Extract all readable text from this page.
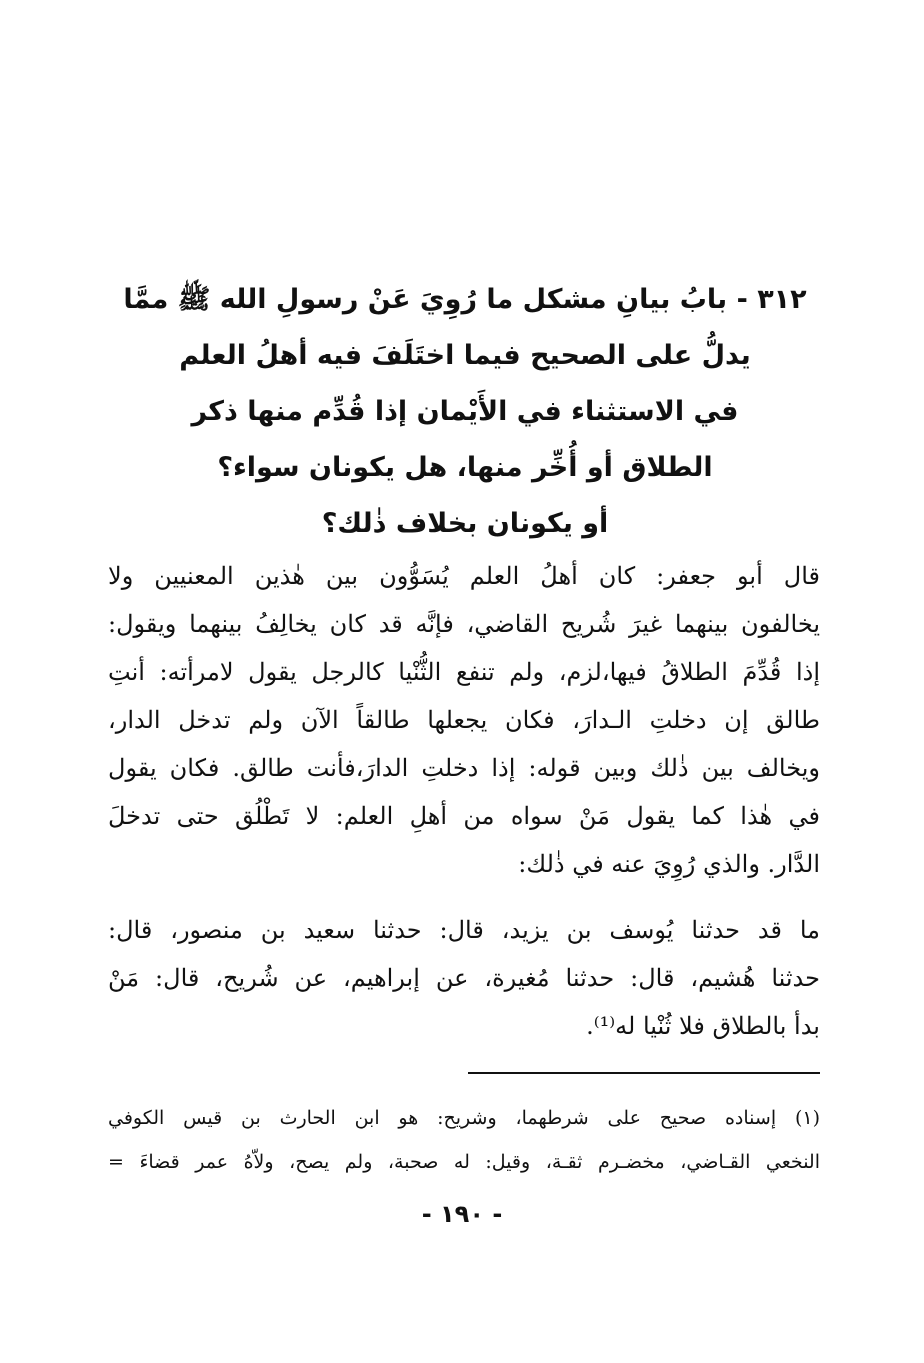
٣١٢ - بابُ بيانِ مشكل ما رُوِيَ عَنْ رسولِ الله ﷺ ممَّا
يدلُّ على الصحيح فيما اختَلَفَ فيه أهلُ العلم
في الاستثناء في الأَيْمان إذا قُدِّم منها ذكر
الطلاق أو أُخِّر منها، هل يكونان سواء؟
أو يكونان بخلاف ذٰلك؟
قال أبو جعفر: كان أهلُ العلم يُسَوُّون بين هٰذين المعنيين ولا
يخالفون بينهما غيرَ شُريح القاضي، فإنَّه قد كان يخالِفُ بينهما ويقول:
إذا قُدِّمَ الطلاقُ فيها،لزم، ولم تنفع الثُّنْيا كالرجل يقول لامرأته: أنتِ
طالق إن دخلتِ الـدارَ، فكان يجعلها طالقاً الآن ولم تدخل الدار،
ويخالف بين ذٰلك وبين قوله: إذا دخلتِ الدارَ،فأنت طالق. فكان يقول
في هٰذا كما يقول مَنْ سواه من أهلِ العلم: لا تَطْلُق حتى تدخلَ
الدَّار. والذي رُوِيَ عنه في ذٰلك:
ما قد حدثنا يُوسف بن يزيد، قال: حدثنا سعيد بن منصور، قال:
حدثنا هُشيم، قال: حدثنا مُغيرة، عن إبراهيم، عن شُريح، قال: مَنْ
بدأ بالطلاق فلا ثُنْيا له⁽¹⁾.
(١) إسناده صحيح على شرطهما، وشريح: هو ابن الحارث بن قيس الكوفي
النخعي القـاضي، مخضـرم ثقـة، وقيل: له صحبة، ولم يصح، ولاّهُ عمر قضاءَ =
- ١٩٠ -
